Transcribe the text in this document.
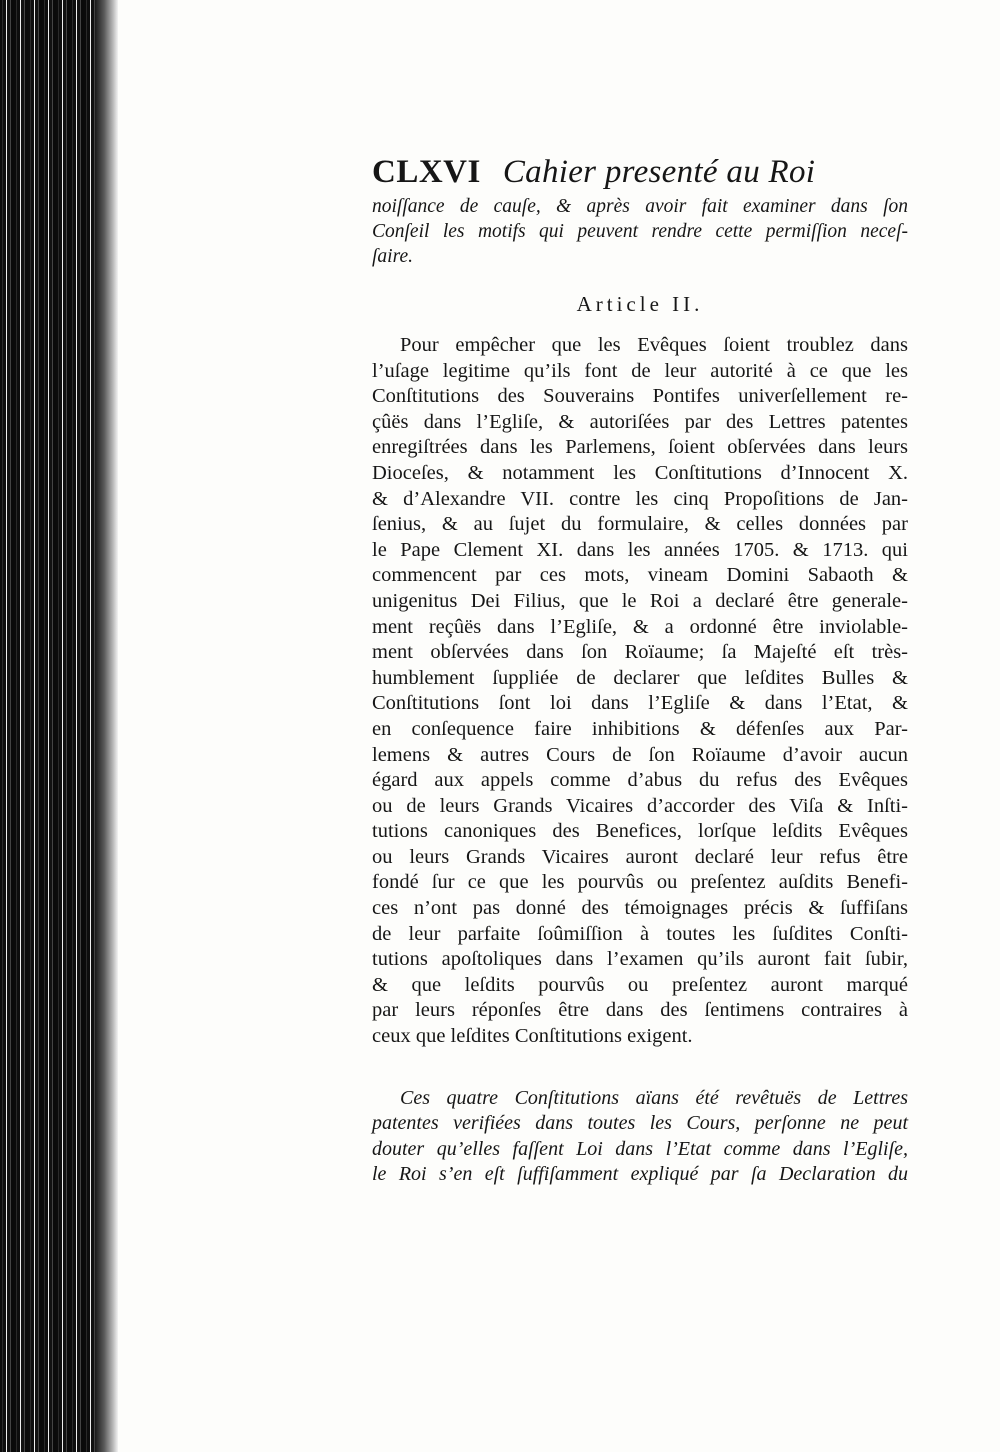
CLXVI Cahier presenté au Roi
noiſſance de cauſe, & après avoir fait examiner dans ſon
Conſeil les motifs qui peuvent rendre cette permiſſion neceſ-
ſaire.
Article II.
Pour empêcher que les Evêques ſoient troublez dans
l’uſage legitime qu’ils font de leur autorité à ce que les
Conſtitutions des Souverains Pontifes univerſellement re-
çûës dans l’Egliſe, & autoriſées par des Lettres patentes
enregiſtrées dans les Parlemens, ſoient obſervées dans leurs
Dioceſes, & notamment les Conſtitutions d’Innocent X.
& d’Alexandre VII. contre les cinq Propoſitions de Jan-
ſenius, & au ſujet du formulaire, & celles données par
le Pape Clement XI. dans les années 1705. & 1713. qui
commencent par ces mots, vineam Domini Sabaoth &
unigenitus Dei Filius, que le Roi a declaré être generale-
ment reçûës dans l’Egliſe, & a ordonné être inviolable-
ment obſervées dans ſon Roïaume; ſa Majeſté eſt très-
humblement ſuppliée de declarer que leſdites Bulles &
Conſtitutions ſont loi dans l’Egliſe & dans l’Etat, &
en conſequence faire inhibitions & défenſes aux Par-
lemens & autres Cours de ſon Roïaume d’avoir aucun
égard aux appels comme d’abus du refus des Evêques
ou de leurs Grands Vicaires d’accorder des Viſa & Inſti-
tutions canoniques des Benefices, lorſque leſdits Evêques
ou leurs Grands Vicaires auront declaré leur refus être
fondé ſur ce que les pourvûs ou preſentez auſdits Benefi-
ces n’ont pas donné des témoignages précis & ſuffiſans
de leur parfaite ſoûmiſſion à toutes les ſuſdites Conſti-
tutions apoſtoliques dans l’examen qu’ils auront fait ſubir,
& que leſdits pourvûs ou preſentez auront marqué
par leurs réponſes être dans des ſentimens contraires à
ceux que leſdites Conſtitutions exigent.
Ces quatre Conſtitutions aïans été revêtuës de Lettres
patentes verifiées dans toutes les Cours, perſonne ne peut
douter qu’elles faſſent Loi dans l’Etat comme dans l’Egliſe,
le Roi s’en eſt ſuffiſamment expliqué par ſa Declaration du
